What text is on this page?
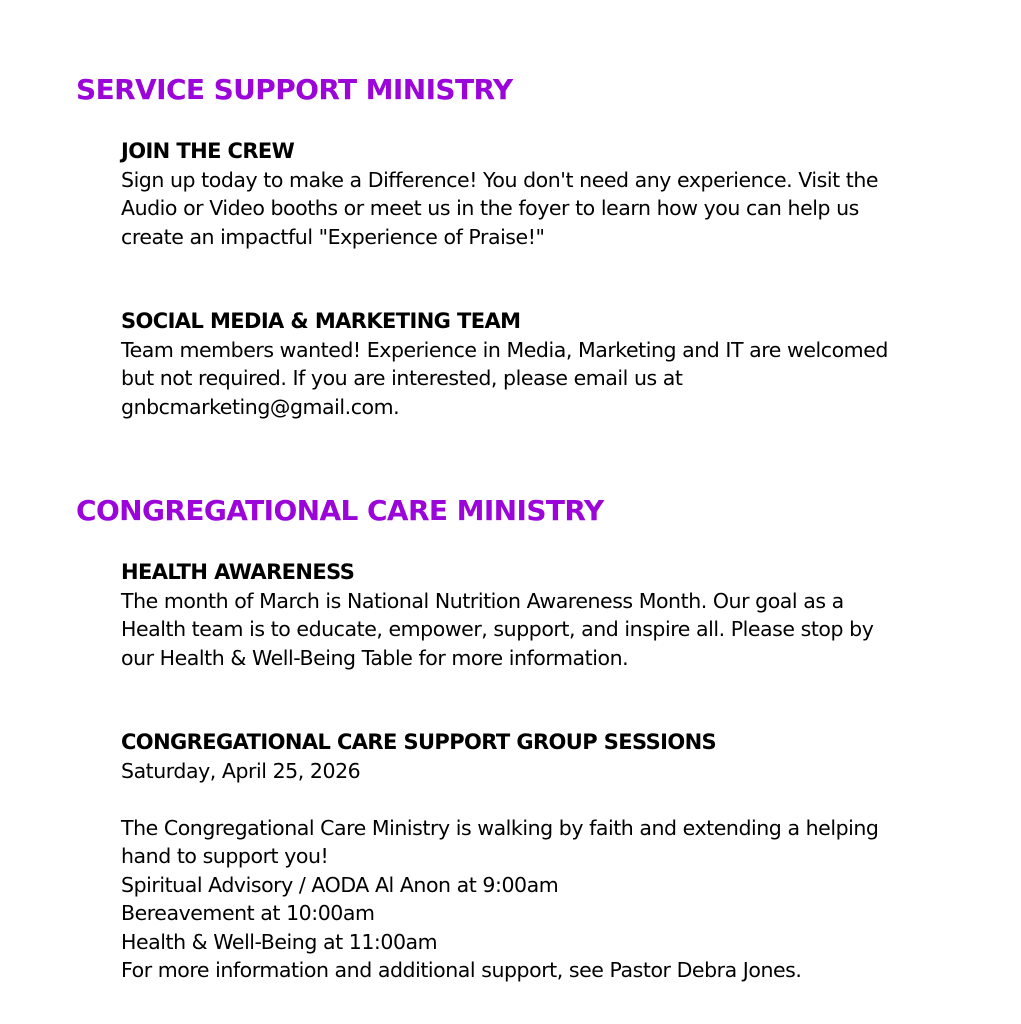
SERVICE SUPPORT MINISTRY
JOIN THE CREW
Sign up today to make a Difference! You don't need any experience. Visit the
Audio or Video booths or meet us in the foyer to learn how you can help us
create an impactful "Experience of Praise!"
SOCIAL MEDIA & MARKETING TEAM
Team members wanted! Experience in Media, Marketing and IT are welcomed
but not required. If you are interested, please email us at
gnbcmarketing@gmail.com.
CONGREGATIONAL CARE MINISTRY
HEALTH AWARENESS
The month of March is National Nutrition Awareness Month. Our goal as a
Health team is to educate, empower, support, and inspire all. Please stop by
our Health & Well-Being Table for more information.
CONGREGATIONAL CARE SUPPORT GROUP SESSIONS
Saturday, April 25, 2026
The Congregational Care Ministry is walking by faith and extending a helping
hand to support you!
Spiritual Advisory / AODA Al Anon at 9:00am
Bereavement at 10:00am
Health & Well-Being at 11:00am
For more information and additional support, see Pastor Debra Jones.
